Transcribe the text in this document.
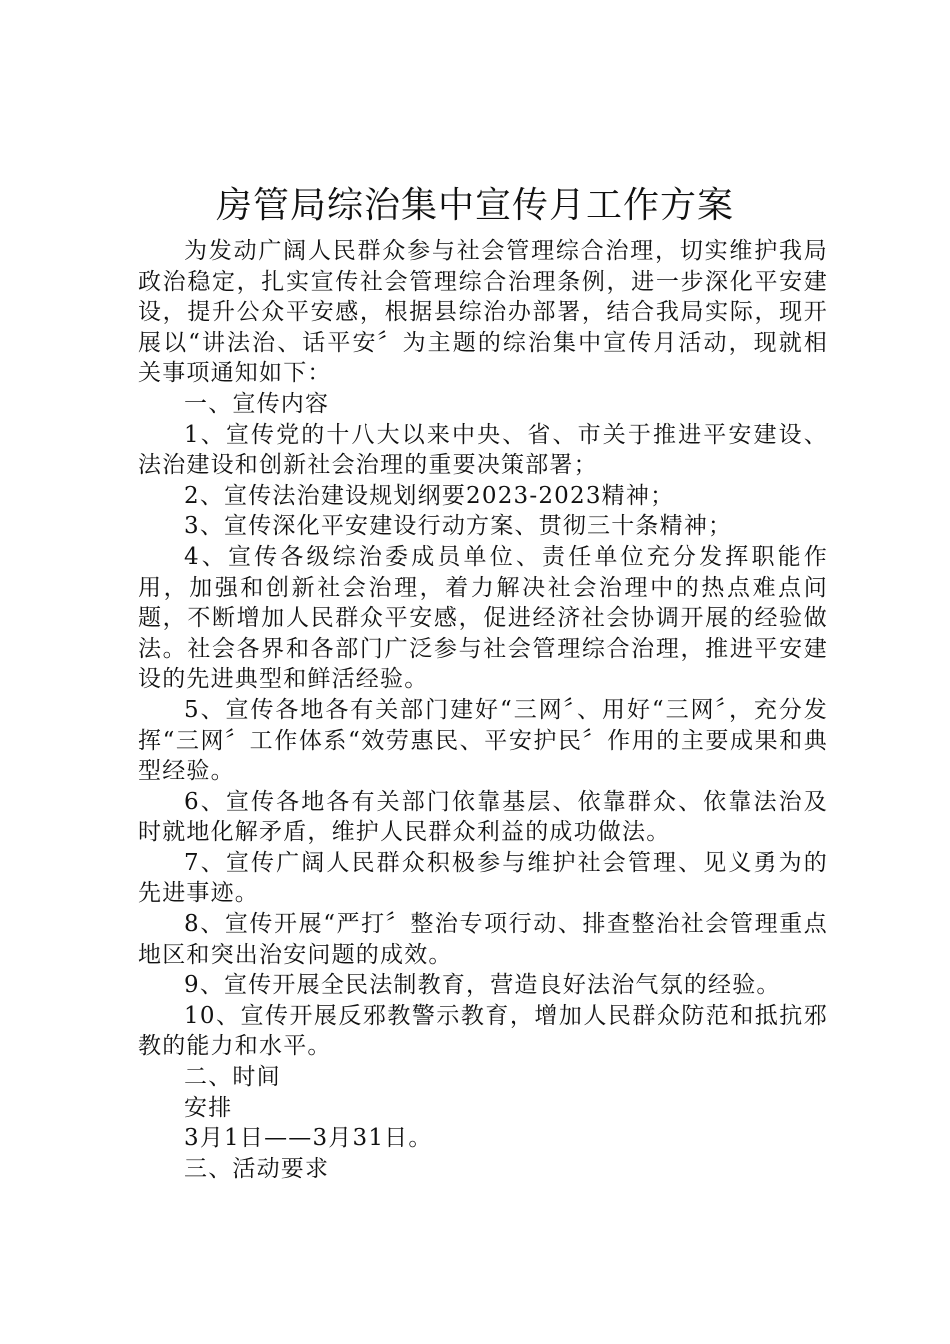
房管局综治集中宣传月工作方案

为发动广阔人民群众参与社会管理综合治理，切实维护我局政治稳定，扎实宣传社会管理综合治理条例，进一步深化平安建设，提升公众平安感，根据县综治办部署，结合我局实际，现开展以“讲法治、话平安〞为主题的综治集中宣传月活动，现就相关事项通知如下：

一、宣传内容

1、宣传党的十八大以来中央、省、市关于推进平安建设、法治建设和创新社会治理的重要决策部署；

2、宣传法治建设规划纲要2023-2023精神；

3、宣传深化平安建设行动方案、贯彻三十条精神；

4、宣传各级综治委成员单位、责任单位充分发挥职能作用，加强和创新社会治理，着力解决社会治理中的热点难点问题，不断增加人民群众平安感，促进经济社会协调开展的经验做法。社会各界和各部门广泛参与社会管理综合治理，推进平安建设的先进典型和鲜活经验。

5、宣传各地各有关部门建好“三网〞、用好“三网〞，充分发挥“三网〞工作体系“效劳惠民、平安护民〞作用的主要成果和典型经验。

6、宣传各地各有关部门依靠基层、依靠群众、依靠法治及时就地化解矛盾，维护人民群众利益的成功做法。

7、宣传广阔人民群众积极参与维护社会管理、见义勇为的先进事迹。

8、宣传开展“严打〞整治专项行动、排查整治社会管理重点地区和突出治安问题的成效。

9、宣传开展全民法制教育，营造良好法治气氛的经验。

10、宣传开展反邪教警示教育，增加人民群众防范和抵抗邪教的能力和水平。

二、时间

安排

3月1日——3月31日。

三、活动要求
